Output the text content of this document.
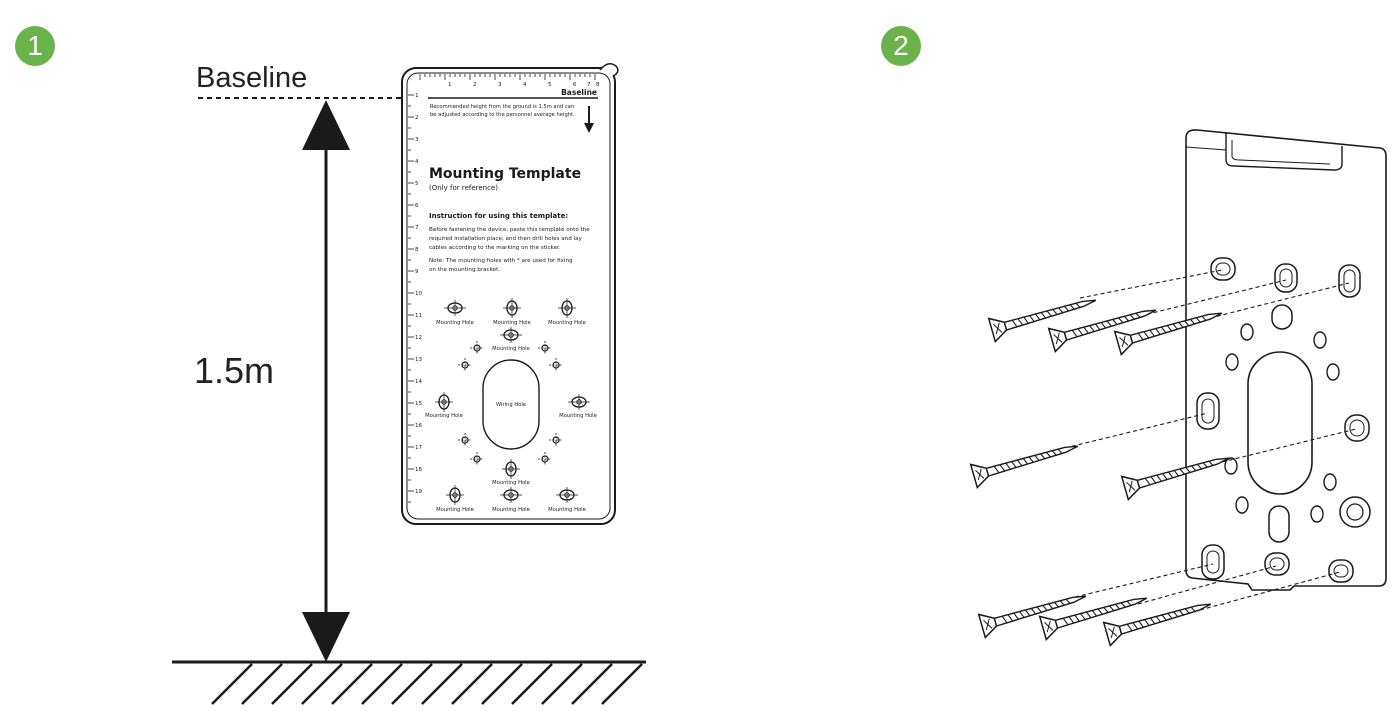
1	2
Baseline
1.5m
1	2	3	4	5	6 7 8
1
2
3
4
5
6
7
8
9
10
11
12
13
14
15
16
17
18
19
Baseline
Recommended height from the ground is 1.5m and can
be adjusted according to the personnel average height.
Mounting Template
(Only for reference)
Instruction for using this template:
Before fastening the device, paste this template onto the
required installation place, and then drill holes and lay
cables according to the marking on the sticker.
Note: The mounting holes with * are used for fixing
on the mounting bracket.
Mounting Hole	Mounting Hole	Mounting Hole
Mounting Hole
Wiring Hole
Mounting Hole	Mounting Hole
Mounting Hole
Mounting Hole	Mounting Hole	Mounting Hole
